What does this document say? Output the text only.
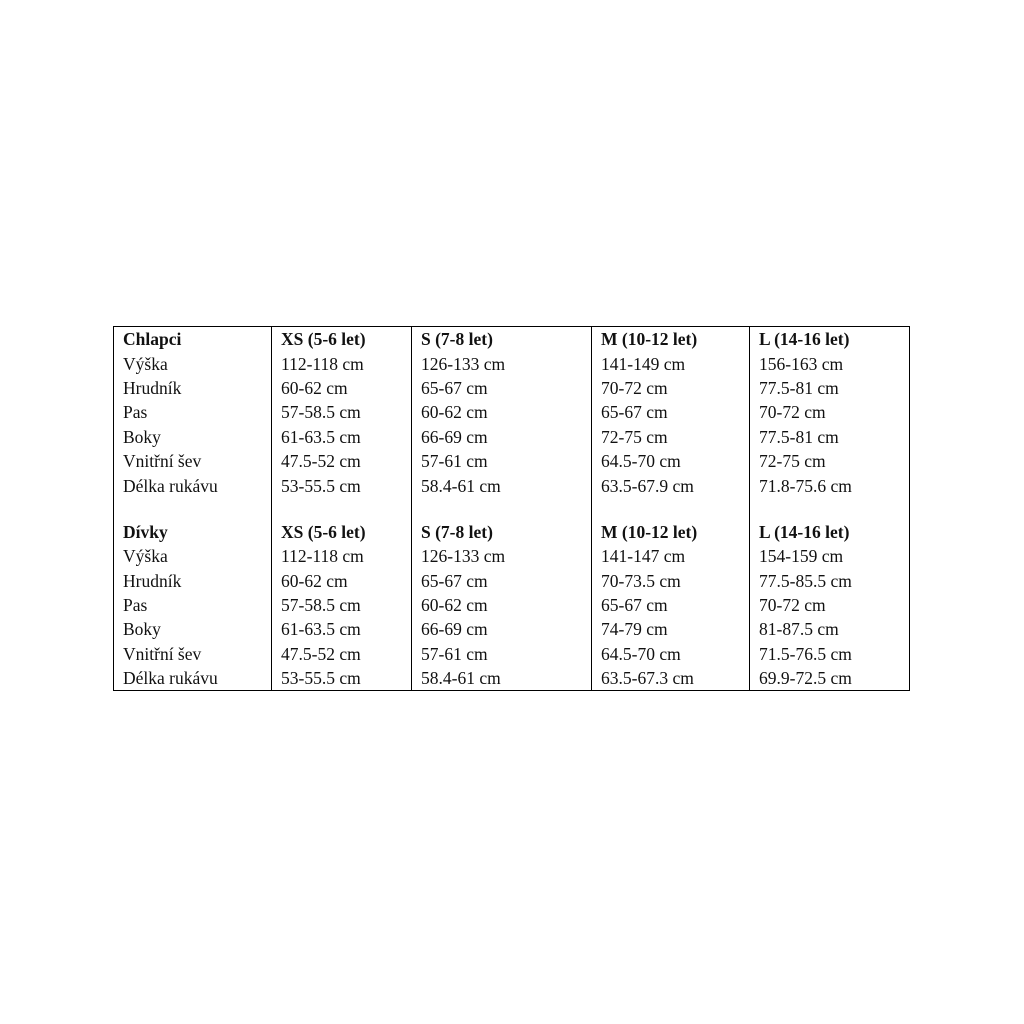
Chlapci	XS (5-6 let)	S (7-8 let)	M (10-12 let)	L (14-16 let)
Výška	112-118 cm	126-133 cm	141-149 cm	156-163 cm
Hrudník	60-62 cm	65-67 cm	70-72 cm	77.5-81 cm
Pas	57-58.5 cm	60-62 cm	65-67 cm	70-72 cm
Boky	61-63.5 cm	66-69 cm	72-75 cm	77.5-81 cm
Vnitřní šev	47.5-52 cm	57-61 cm	64.5-70 cm	72-75 cm
Délka rukávu	53-55.5 cm	58.4-61 cm	63.5-67.9 cm	71.8-75.6 cm

Dívky	XS (5-6 let)	S (7-8 let)	M (10-12 let)	L (14-16 let)
Výška	112-118 cm	126-133 cm	141-147 cm	154-159 cm
Hrudník	60-62 cm	65-67 cm	70-73.5 cm	77.5-85.5 cm
Pas	57-58.5 cm	60-62 cm	65-67 cm	70-72 cm
Boky	61-63.5 cm	66-69 cm	74-79 cm	81-87.5 cm
Vnitřní šev	47.5-52 cm	57-61 cm	64.5-70 cm	71.5-76.5 cm
Délka rukávu	53-55.5 cm	58.4-61 cm	63.5-67.3 cm	69.9-72.5 cm
